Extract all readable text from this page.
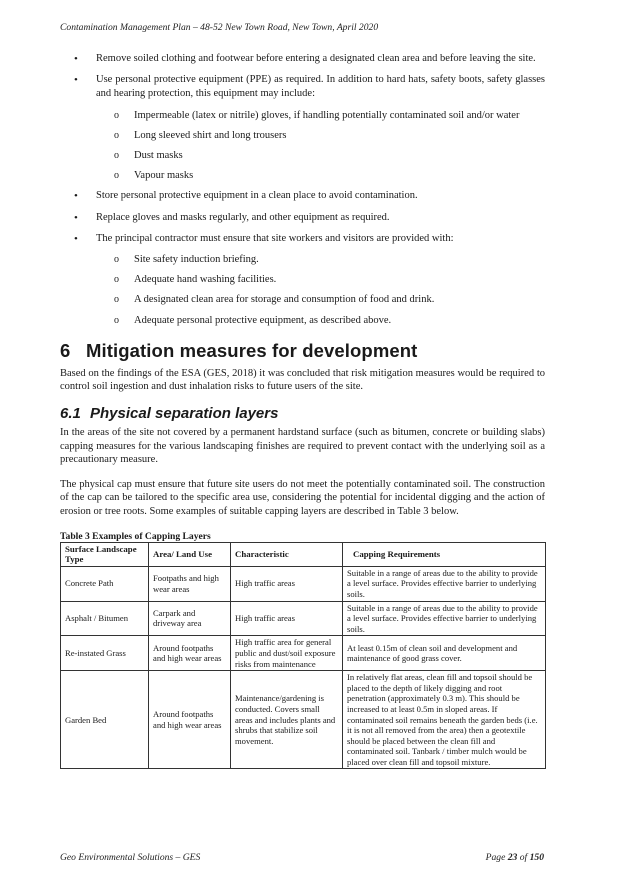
Contamination Management Plan – 48-52 New Town Road, New Town, April 2020
• Remove soiled clothing and footwear before entering a designated clean area and before leaving the site.
• Use personal protective equipment (PPE) as required. In addition to hard hats, safety boots, safety glasses and hearing protection, this equipment may include:
o Impermeable (latex or nitrile) gloves, if handling potentially contaminated soil and/or water
o Long sleeved shirt and long trousers
o Dust masks
o Vapour masks
• Store personal protective equipment in a clean place to avoid contamination.
• Replace gloves and masks regularly, and other equipment as required.
• The principal contractor must ensure that site workers and visitors are provided with:
o Site safety induction briefing.
o Adequate hand washing facilities.
o A designated clean area for storage and consumption of food and drink.
o Adequate personal protective equipment, as described above.
6 Mitigation measures for development
Based on the findings of the ESA (GES, 2018) it was concluded that risk mitigation measures would be required to control soil ingestion and dust inhalation risks to future users of the site.
6.1 Physical separation layers
In the areas of the site not covered by a permanent hardstand surface (such as bitumen, concrete or building slabs) capping measures for the various landscaping finishes are required to prevent contact with the underlying soil as a precautionary measure.
The physical cap must ensure that future site users do not meet the potentially contaminated soil. The construction of the cap can be tailored to the specific area use, considering the potential for incidental digging and the action of erosion or tree roots. Some examples of suitable capping layers are described in Table 3 below.
Table 3 Examples of Capping Layers
Surface Landscape Type	Area/ Land Use	Characteristic	Capping Requirements
Concrete Path	Footpaths and high wear areas	High traffic areas	Suitable in a range of areas due to the ability to provide a level surface. Provides effective barrier to underlying soils.
Asphalt / Bitumen	Carpark and driveway area	High traffic areas	Suitable in a range of areas due to the ability to provide a level surface. Provides effective barrier to underlying soils.
Re-instated Grass	Around footpaths and high wear areas	High traffic area for general public and dust/soil exposure risks from maintenance	At least 0.15m of clean soil and development and maintenance of good grass cover.
Garden Bed	Around footpaths and high wear areas	Maintenance/gardening is conducted. Covers small areas and includes plants and shrubs that stabilize soil movement.	In relatively flat areas, clean fill and topsoil should be placed to the depth of likely digging and root penetration (approximately 0.3 m). This should be increased to at least 0.5m in sloped areas. If contaminated soil remains beneath the garden beds (i.e. it is not all removed from the area) then a geotextile should be placed between the clean fill and contaminated soil. Tanbark / timber mulch would be placed over clean fill and topsoil mixture.
Geo Environmental Solutions – GES	Page 23 of 150
